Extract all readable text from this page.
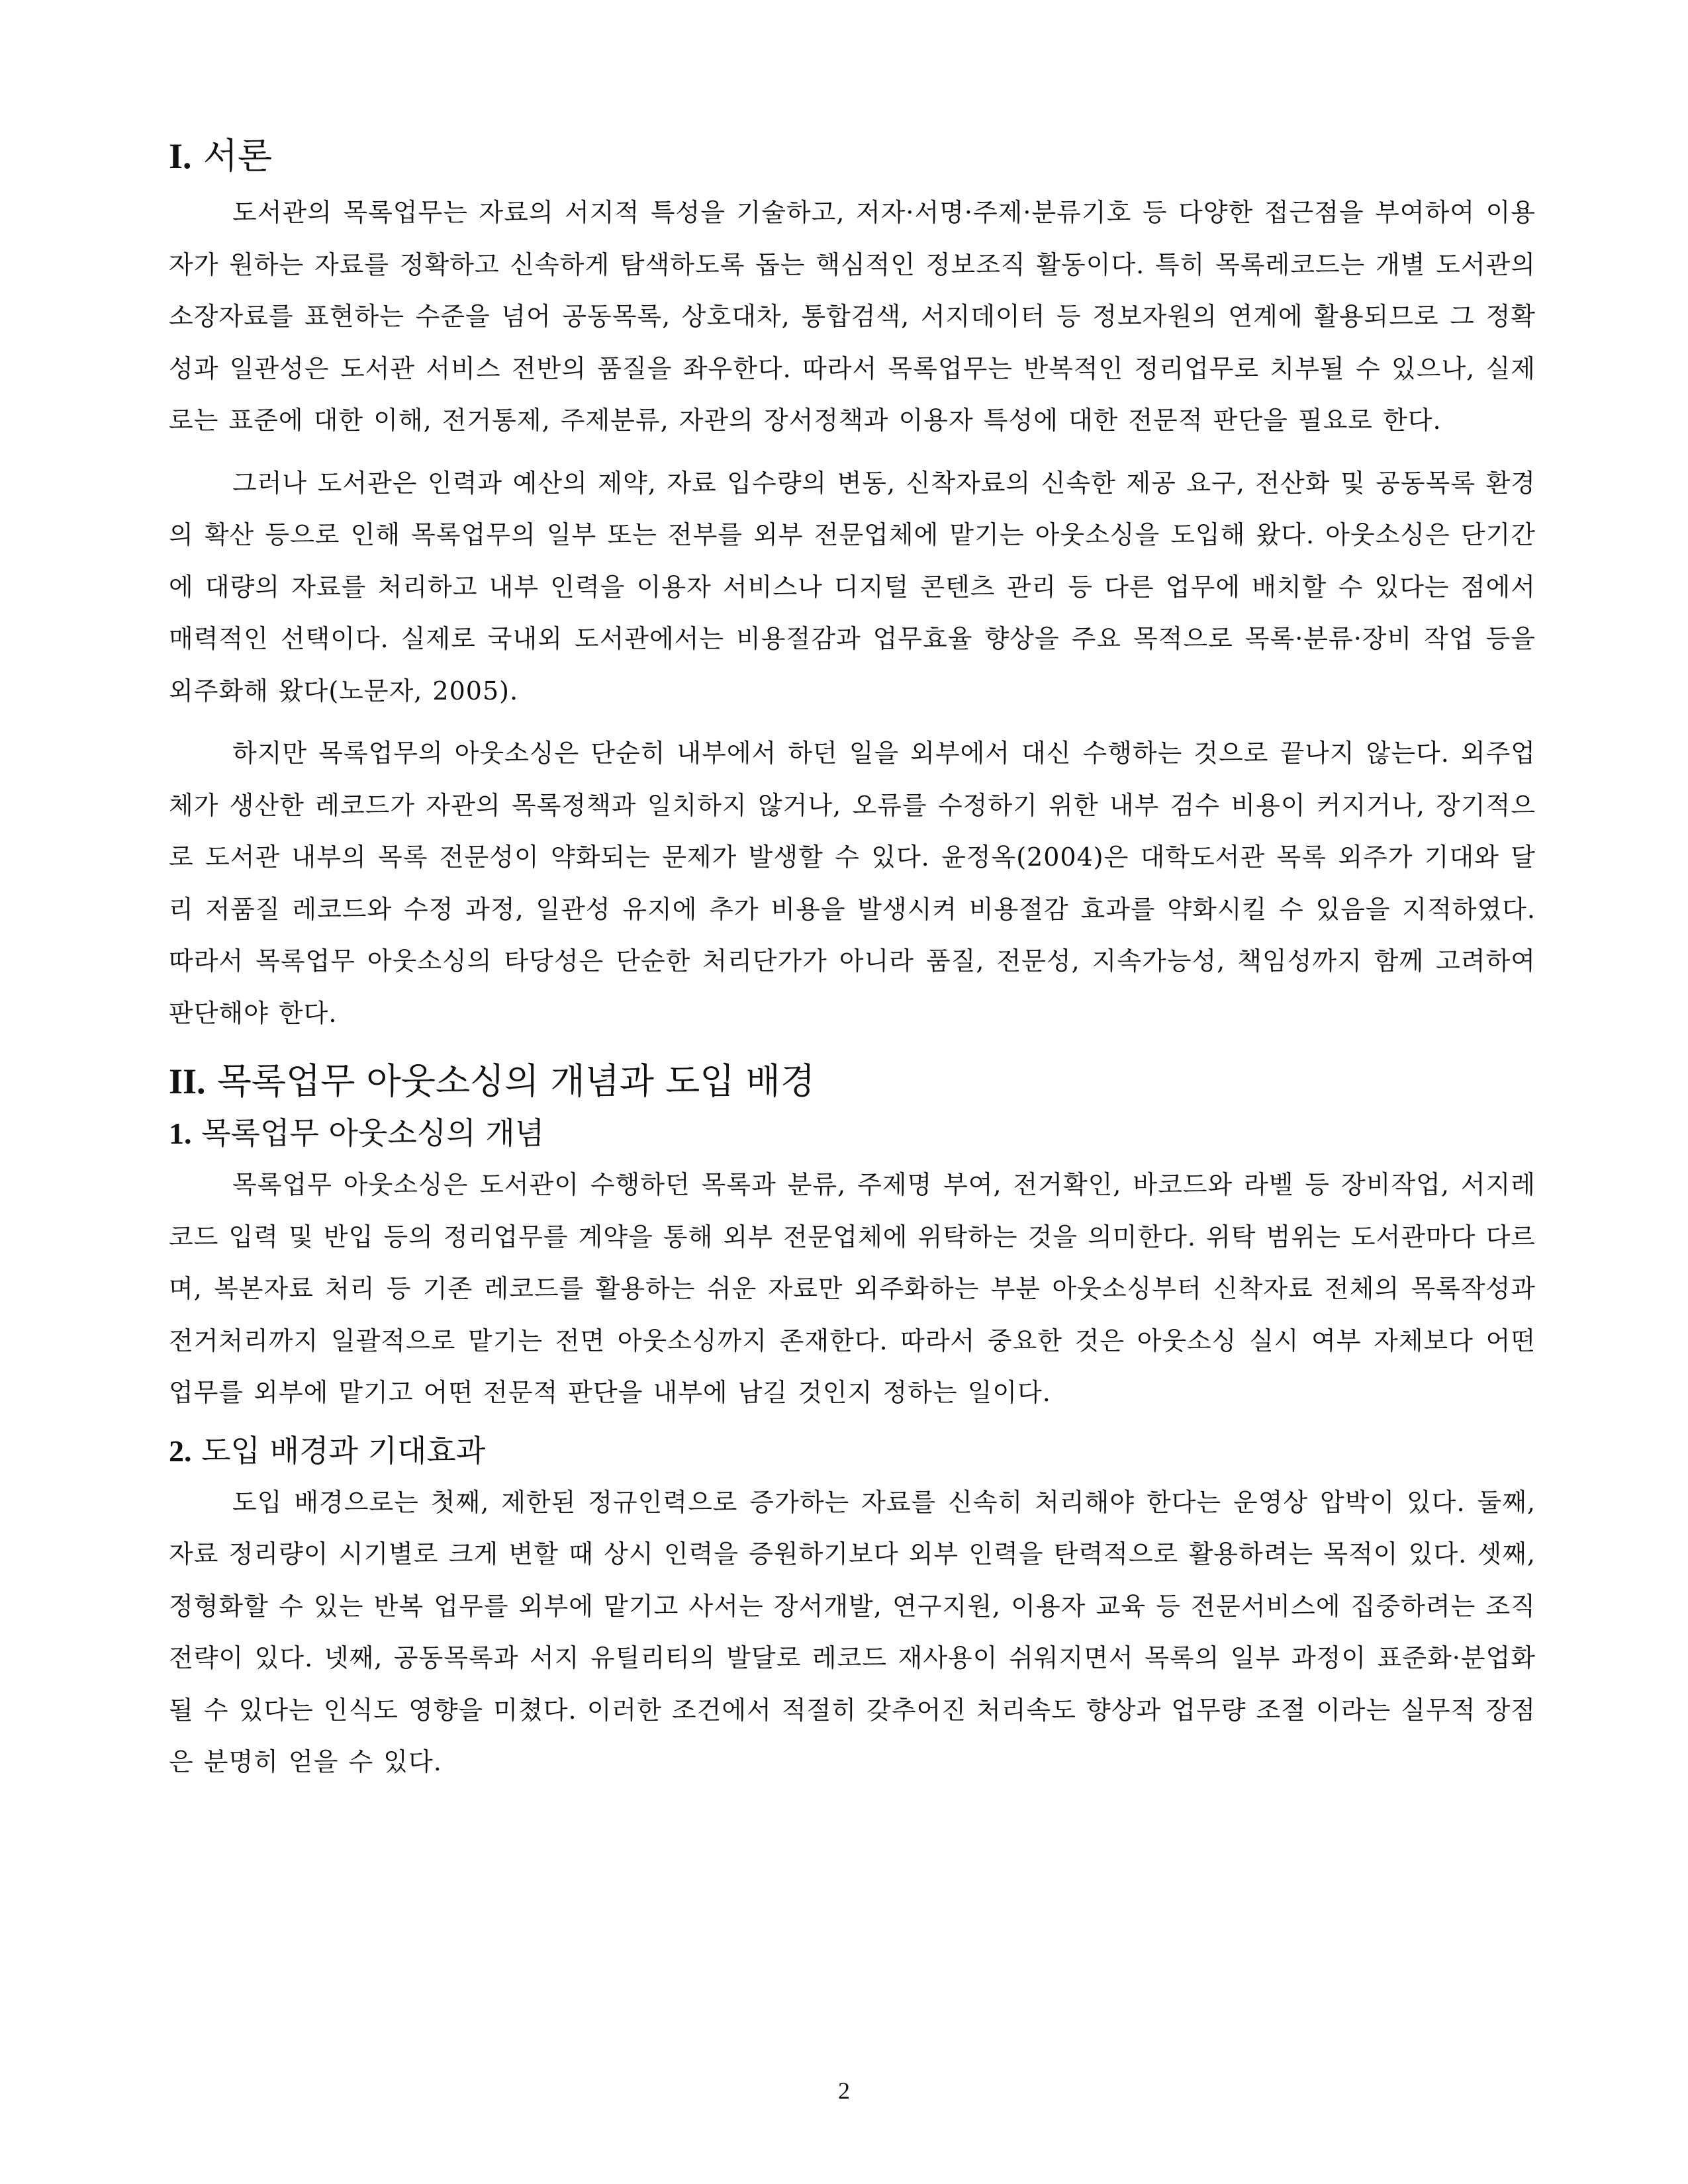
I. 서론

도서관의 목록업무는 자료의 서지적 특성을 기술하고, 저자·서명·주제·분류기호 등 다양한 접근점을 부여하여 이용자가 원하는 자료를 정확하고 신속하게 탐색하도록 돕는 핵심적인 정보조직 활동이다. 특히 목록레코드는 개별 도서관의 소장자료를 표현하는 수준을 넘어 공동목록, 상호대차, 통합검색, 서지데이터 등 정보자원의 연계에 활용되므로 그 정확성과 일관성은 도서관 서비스 전반의 품질을 좌우한다. 따라서 목록업무는 반복적인 정리업무로 치부될 수 있으나, 실제로는 표준에 대한 이해, 전거통제, 주제분류, 자관의 장서정책과 이용자 특성에 대한 전문적 판단을 필요로 한다.

그러나 도서관은 인력과 예산의 제약, 자료 입수량의 변동, 신착자료의 신속한 제공 요구, 전산화 및 공동목록 환경의 확산 등으로 인해 목록업무의 일부 또는 전부를 외부 전문업체에 맡기는 아웃소싱을 도입해 왔다. 아웃소싱은 단기간에 대량의 자료를 처리하고 내부 인력을 이용자 서비스나 디지털 콘텐츠 관리 등 다른 업무에 배치할 수 있다는 점에서 매력적인 선택이다. 실제로 국내외 도서관에서는 비용절감과 업무효율 향상을 주요 목적으로 목록·분류·장비 작업 등을 외주화해 왔다(노문자, 2005).

하지만 목록업무의 아웃소싱은 단순히 내부에서 하던 일을 외부에서 대신 수행하는 것으로 끝나지 않는다. 외주업체가 생산한 레코드가 자관의 목록정책과 일치하지 않거나, 오류를 수정하기 위한 내부 검수 비용이 커지거나, 장기적으로 도서관 내부의 목록 전문성이 약화되는 문제가 발생할 수 있다. 윤정옥(2004)은 대학도서관 목록 외주가 기대와 달리 저품질 레코드와 수정 과정, 일관성 유지에 추가 비용을 발생시켜 비용절감 효과를 약화시킬 수 있음을 지적하였다. 따라서 목록업무 아웃소싱의 타당성은 단순한 처리단가가 아니라 품질, 전문성, 지속가능성, 책임성까지 함께 고려하여 판단해야 한다.

II. 목록업무 아웃소싱의 개념과 도입 배경
1. 목록업무 아웃소싱의 개념

목록업무 아웃소싱은 도서관이 수행하던 목록과 분류, 주제명 부여, 전거확인, 바코드와 라벨 등 장비작업, 서지레코드 입력 및 반입 등의 정리업무를 계약을 통해 외부 전문업체에 위탁하는 것을 의미한다. 위탁 범위는 도서관마다 다르며, 복본자료 처리 등 기존 레코드를 활용하는 쉬운 자료만 외주화하는 부분 아웃소싱부터 신착자료 전체의 목록작성과 전거처리까지 일괄적으로 맡기는 전면 아웃소싱까지 존재한다. 따라서 중요한 것은 아웃소싱 실시 여부 자체보다 어떤 업무를 외부에 맡기고 어떤 전문적 판단을 내부에 남길 것인지 정하는 일이다.

2. 도입 배경과 기대효과

도입 배경으로는 첫째, 제한된 정규인력으로 증가하는 자료를 신속히 처리해야 한다는 운영상 압박이 있다. 둘째, 자료 정리량이 시기별로 크게 변할 때 상시 인력을 증원하기보다 외부 인력을 탄력적으로 활용하려는 목적이 있다. 셋째, 정형화할 수 있는 반복 업무를 외부에 맡기고 사서는 장서개발, 연구지원, 이용자 교육 등 전문서비스에 집중하려는 조직전략이 있다. 넷째, 공동목록과 서지 유틸리티의 발달로 레코드 재사용이 쉬워지면서 목록의 일부 과정이 표준화·분업화될 수 있다는 인식도 영향을 미쳤다. 이러한 조건에서 적절히 갖추어진 처리속도 향상과 업무량 조절 이라는 실무적 장점은 분명히 얻을 수 있다.

2
